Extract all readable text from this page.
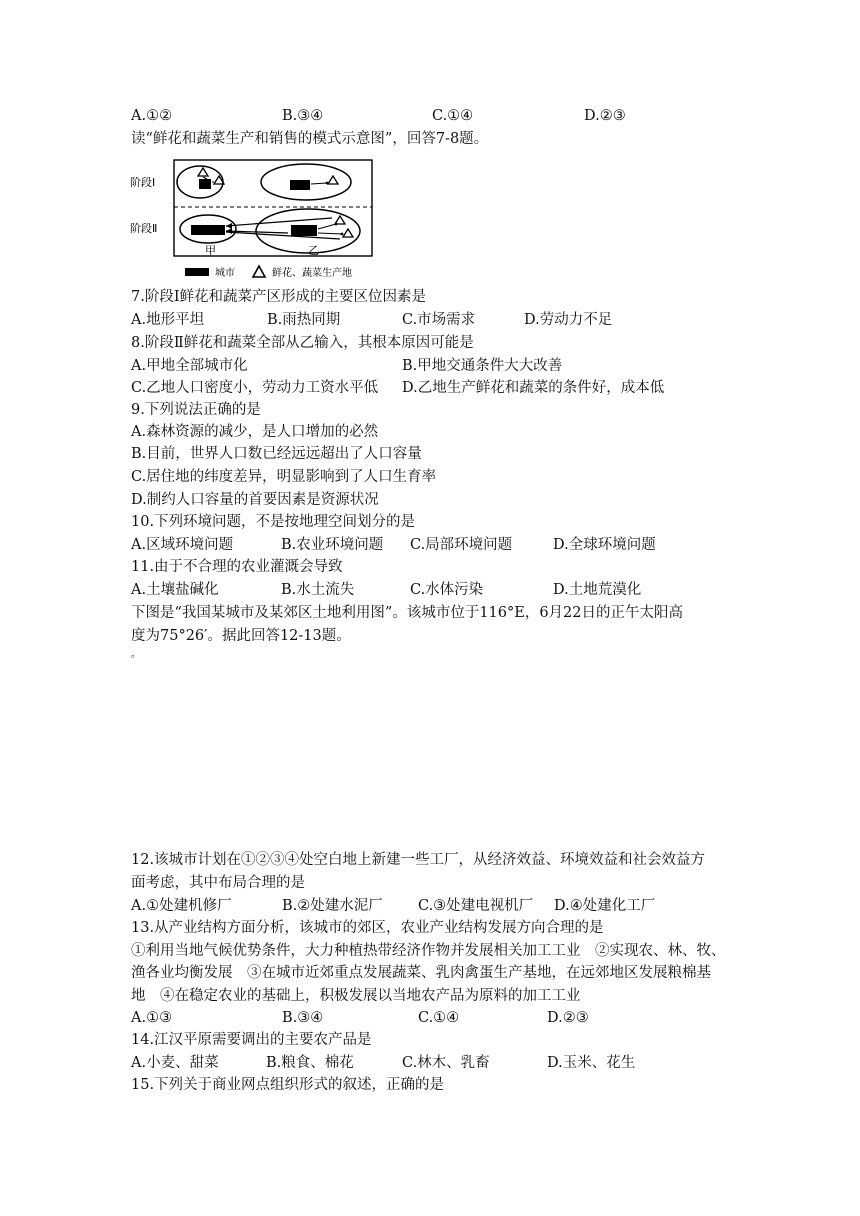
A.①②	B.③④	C.①④	D.②③
读“鲜花和蔬菜生产和销售的模式示意图”，回答7-8题。
阶段Ⅰ
阶段Ⅱ
甲	乙
城市	鲜花、蔬菜生产地
7.阶段Ⅰ鲜花和蔬菜产区形成的主要区位因素是
A.地形平坦	B.雨热同期	C.市场需求	D.劳动力不足
8.阶段Ⅱ鲜花和蔬菜全部从乙输入，其根本原因可能是
A.甲地全部城市化	B.甲地交通条件大大改善
C.乙地人口密度小，劳动力工资水平低 D.乙地生产鲜花和蔬菜的条件好，成本低
9.下列说法正确的是
A.森林资源的减少，是人口增加的必然
B.目前，世界人口数已经远远超出了人口容量
C.居住地的纬度差异，明显影响到了人口生育率
D.制约人口容量的首要因素是资源状况
10.下列环境问题，不是按地理空间划分的是
A.区域环境问题	B.农业环境问题 C.局部环境问题	D.全球环境问题
11.由于不合理的农业灌溉会导致
A.土壤盐碱化	B.水土流失	C.水体污染	D.土地荒漠化
下图是“我国某城市及某郊区土地利用图”。该城市位于116°E，6月22日的正午太阳高
度为75°26′。据此回答12-13题。
。
12.该城市计划在①②③④处空白地上新建一些工厂，从经济效益、环境效益和社会效益方
面考虑，其中布局合理的是
A.①处建机修厂	B.②处建水泥厂 C.③处建电视机厂 D.④处建化工厂
13.从产业结构方面分析，该城市的郊区，农业产业结构发展方向合理的是
①利用当地气候优势条件，大力种植热带经济作物并发展相关加工工业　②实现农、林、牧、
渔各业均衡发展　③在城市近郊重点发展蔬菜、乳肉禽蛋生产基地，在远郊地区发展粮棉基
地　④在稳定农业的基础上，积极发展以当地农产品为原料的加工工业
A.①③	B.③④	C.①④	D.②③
14.江汉平原需要调出的主要农产品是
A.小麦、甜菜	B.粮食、棉花	C.林木、乳畜	D.玉米、花生
15.下列关于商业网点组织形式的叙述，正确的是
